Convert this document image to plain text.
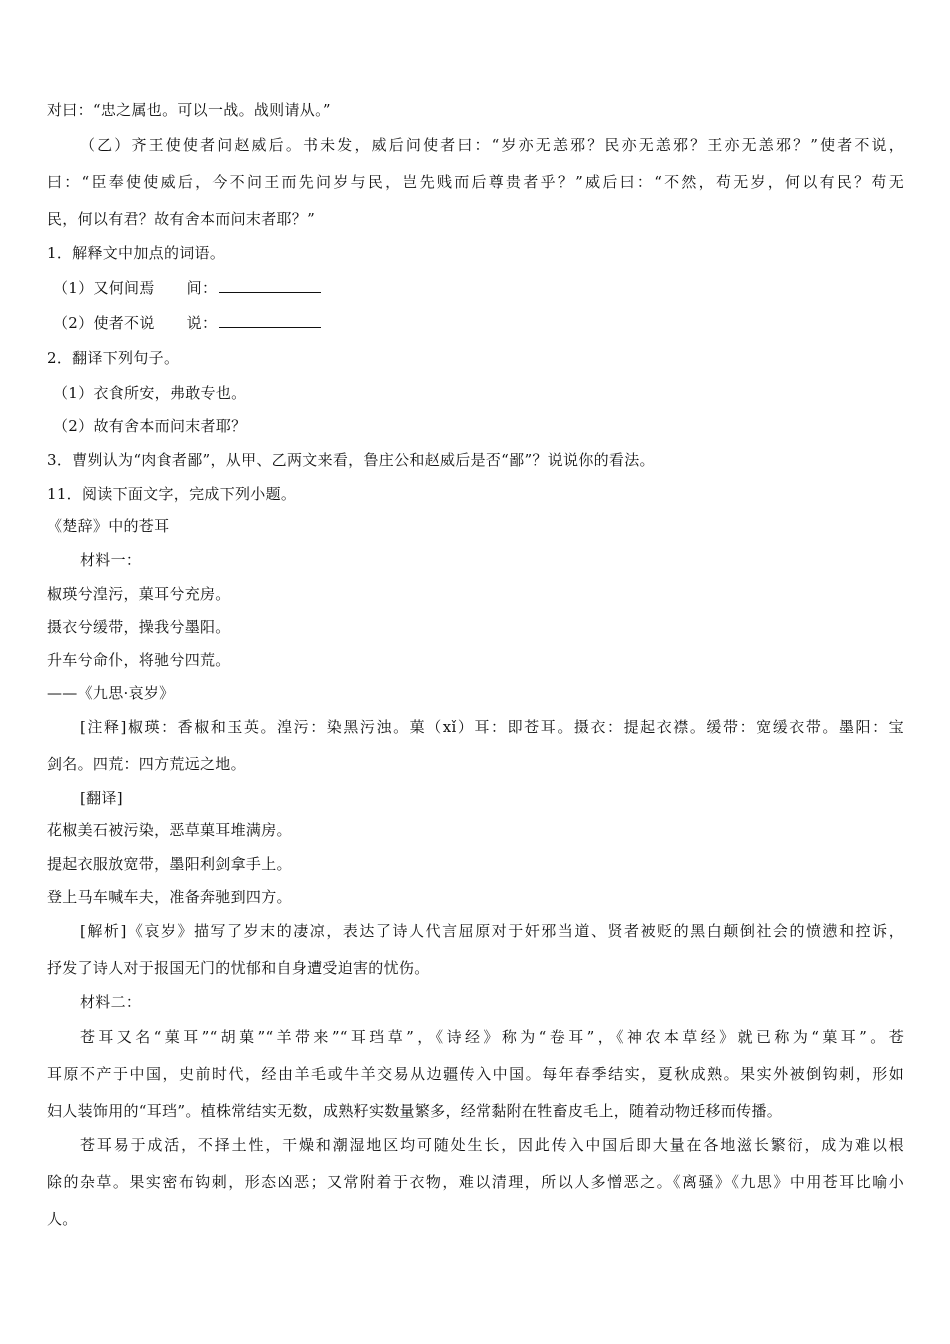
对曰：“忠之属也。可以一战。战则请从。”
（乙）齐王使使者问赵威后。书未发，威后问使者曰：“岁亦无恙邪？民亦无恙邪？王亦无恙邪？”使者不说，
曰：“臣奉使使威后，今不问王而先问岁与民，岂先贱而后尊贵者乎？”威后曰：“不然，苟无岁，何以有民？苟无
民，何以有君？故有舍本而问末者耶？”
1．解释文中加点的词语。
（1）又何间焉 间：
（2）使者不说 说：
2．翻译下列句子。
（1）衣食所安，弗敢专也。
（2）故有舍本而问末者耶？
3．曹刿认为“肉食者鄙”，从甲、乙两文来看，鲁庄公和赵威后是否“鄙”？说说你的看法。
11．阅读下面文字，完成下列小题。
《楚辞》中的苍耳
材料一：
椒瑛兮湟污，菓耳兮充房。
摄衣兮缓带，操我兮墨阳。
升车兮命仆，将驰兮四荒。
——《九思·哀岁》
[注释]椒瑛：香椒和玉英。湟污：染黑污浊。菓（xǐ）耳：即苍耳。摄衣：提起衣襟。缓带：宽缓衣带。墨阳：宝
剑名。四荒：四方荒远之地。
[翻译]
花椒美石被污染，恶草菓耳堆满房。
提起衣服放宽带，墨阳利剑拿手上。
登上马车喊车夫，准备奔驰到四方。
[解析]《哀岁》描写了岁末的凄凉，表达了诗人代言屈原对于奸邪当道、贤者被贬的黑白颠倒社会的愤懑和控诉，
抒发了诗人对于报国无门的忧郁和自身遭受迫害的忧伤。
材料二：
苍耳又名“菓耳”“胡菓”“羊带来”“耳珰草”，《诗经》称为“卷耳”，《神农本草经》就已称为“菓耳”。苍
耳原不产于中国，史前时代，经由羊毛或牛羊交易从边疆传入中国。每年春季结实，夏秋成熟。果实外被倒钩刺，形如
妇人装饰用的“耳珰”。植株常结实无数，成熟籽实数量繁多，经常黏附在牲畜皮毛上，随着动物迁移而传播。
苍耳易于成活，不择土性，干燥和潮湿地区均可随处生长，因此传入中国后即大量在各地滋长繁衍，成为难以根
除的杂草。果实密布钩刺，形态凶恶；又常附着于衣物，难以清理，所以人多憎恶之。《离骚》《九思》中用苍耳比喻小
人。
